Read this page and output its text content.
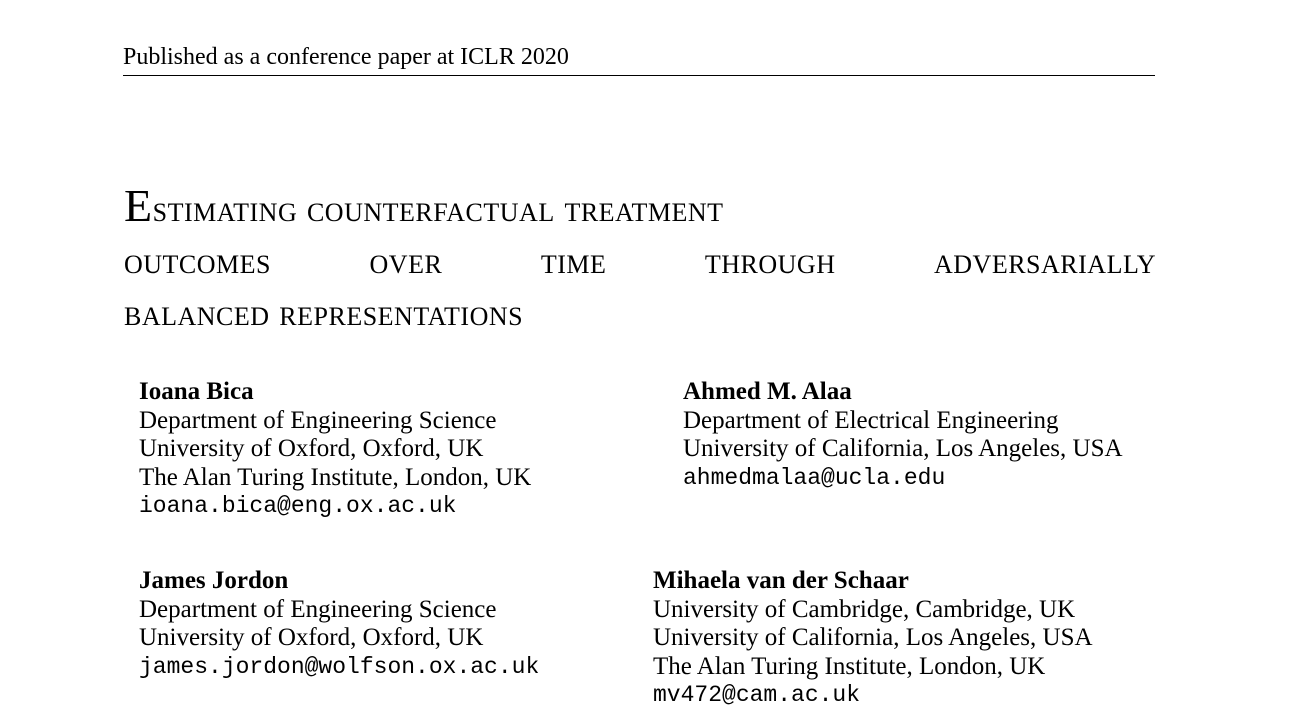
Published as a conference paper at ICLR 2020
Estimating counterfactual treatment
outcomes over time through adversarially
balanced representations
Ioana Bica
Department of Engineering Science
University of Oxford, Oxford, UK
The Alan Turing Institute, London, UK
ioana.bica@eng.ox.ac.uk
Ahmed M. Alaa
Department of Electrical Engineering
University of California, Los Angeles, USA
ahmedmalaa@ucla.edu
James Jordon
Department of Engineering Science
University of Oxford, Oxford, UK
james.jordon@wolfson.ox.ac.uk
Mihaela van der Schaar
University of Cambridge, Cambridge, UK
University of California, Los Angeles, USA
The Alan Turing Institute, London, UK
mv472@cam.ac.uk
